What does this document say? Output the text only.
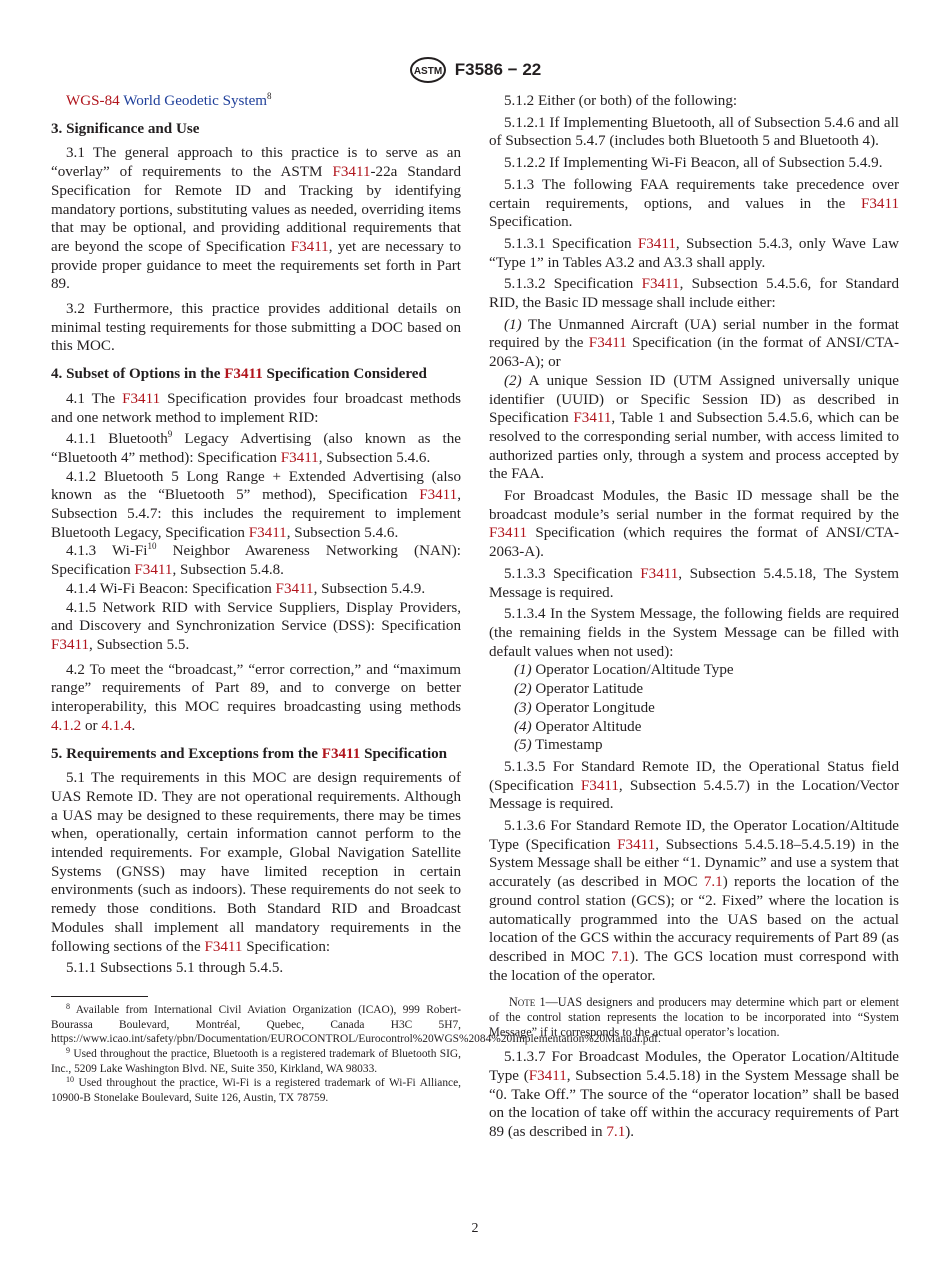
ASTM F3586 − 22

WGS-84 World Geodetic System$^8$

3. Significance and Use

3.1 The general approach to this practice is to serve as an “overlay” of requirements to the ASTM F3411-22a Standard Specification for Remote ID and Tracking by identifying mandatory portions, substituting values as needed, overriding items that may be optional, and providing additional requirements that are beyond the scope of Specification F3411, yet are necessary to provide proper guidance to meet the requirements set forth in Part 89.

3.2 Furthermore, this practice provides additional details on minimal testing requirements for those submitting a DOC based on this MOC.

4. Subset of Options in the F3411 Specification Considered

4.1 The F3411 Specification provides four broadcast methods and one network method to implement RID:

4.1.1 Bluetooth$^9$ Legacy Advertising (also known as the “Bluetooth 4” method): Specification F3411, Subsection 5.4.6.

4.1.2 Bluetooth 5 Long Range + Extended Advertising (also known as the “Bluetooth 5” method), Specification F3411, Subsection 5.4.7: this includes the requirement to implement Bluetooth Legacy, Specification F3411, Subsection 5.4.6.

4.1.3 Wi-Fi$^{10}$ Neighbor Awareness Networking (NAN): Specification F3411, Subsection 5.4.8.

4.1.4 Wi-Fi Beacon: Specification F3411, Subsection 5.4.9.

4.1.5 Network RID with Service Suppliers, Display Providers, and Discovery and Synchronization Service (DSS): Specification F3411, Subsection 5.5.

4.2 To meet the “broadcast,” “error correction,” and “maximum range” requirements of Part 89, and to converge on better interoperability, this MOC requires broadcasting using methods 4.1.2 or 4.1.4.

5. Requirements and Exceptions from the F3411 Specification

5.1 The requirements in this MOC are design requirements of UAS Remote ID. They are not operational requirements. Although a UAS may be designed to these requirements, there may be times when, operationally, certain information cannot perform to the intended requirements. For example, Global Navigation Satellite Systems (GNSS) may have limited reception in certain environments (such as indoors). These requirements do not seek to remedy those conditions. Both Standard RID and Broadcast Modules shall implement all mandatory requirements in the following sections of the F3411 Specification:

5.1.1 Subsections 5.1 through 5.4.5.

$^8$ Available from International Civil Aviation Organization (ICAO), 999 Robert-Bourassa Boulevard, Montréal, Quebec, Canada H3C 5H7, https://www.icao.int/safety/pbn/Documentation/EUROCONTROL/Eurocontrol%20WGS%2084%20Implementation%20Manual.pdf.

$^9$ Used throughout the practice, Bluetooth is a registered trademark of Bluetooth SIG, Inc., 5209 Lake Washington Blvd. NE, Suite 350, Kirkland, WA 98033.

$^{10}$ Used throughout the practice, Wi-Fi is a registered trademark of Wi-Fi Alliance, 10900-B Stonelake Boulevard, Suite 126, Austin, TX 78759.

5.1.2 Either (or both) of the following:

5.1.2.1 If Implementing Bluetooth, all of Subsection 5.4.6 and all of Subsection 5.4.7 (includes both Bluetooth 5 and Bluetooth 4).

5.1.2.2 If Implementing Wi-Fi Beacon, all of Subsection 5.4.9.

5.1.3 The following FAA requirements take precedence over certain requirements, options, and values in the F3411 Specification.

5.1.3.1 Specification F3411, Subsection 5.4.3, only Wave Law “Type 1” in Tables A3.2 and A3.3 shall apply.

5.1.3.2 Specification F3411, Subsection 5.4.5.6, for Standard RID, the Basic ID message shall include either:

(1) The Unmanned Aircraft (UA) serial number in the format required by the F3411 Specification (in the format of ANSI/CTA-2063-A); or

(2) A unique Session ID (UTM Assigned universally unique identifier (UUID) or Specific Session ID) as described in Specification F3411, Table 1 and Subsection 5.4.5.6, which can be resolved to the corresponding serial number, with access limited to authorized parties only, through a system and process accepted by the FAA.

For Broadcast Modules, the Basic ID message shall be the broadcast module’s serial number in the format required by the F3411 Specification (which requires the format of ANSI/CTA-2063-A).

5.1.3.3 Specification F3411, Subsection 5.4.5.18, The System Message is required.

5.1.3.4 In the System Message, the following fields are required (the remaining fields in the System Message can be filled with default values when not used):

(1) Operator Location/Altitude Type

(2) Operator Latitude

(3) Operator Longitude

(4) Operator Altitude

(5) Timestamp

5.1.3.5 For Standard Remote ID, the Operational Status field (Specification F3411, Subsection 5.4.5.7) in the Location/Vector Message is required.

5.1.3.6 For Standard Remote ID, the Operator Location/Altitude Type (Specification F3411, Subsections 5.4.5.18–5.4.5.19) in the System Message shall be either “1. Dynamic” and use a system that accurately (as described in MOC 7.1) reports the location of the ground control station (GCS); or “2. Fixed” where the location is automatically programmed into the UAS based on the actual location of the GCS within the accuracy requirements of Part 89 (as described in MOC 7.1). The GCS location must correspond with the location of the operator.

Note 1—UAS designers and producers may determine which part or element of the control station represents the location to be incorporated into “System Message” if it corresponds to the actual operator’s location.

5.1.3.7 For Broadcast Modules, the Operator Location/Altitude Type (F3411, Subsection 5.4.5.18) in the System Message shall be “0. Take Off.” The source of the “operator location” shall be based on the location of take off within the accuracy requirements of Part 89 (as described in 7.1).

2
